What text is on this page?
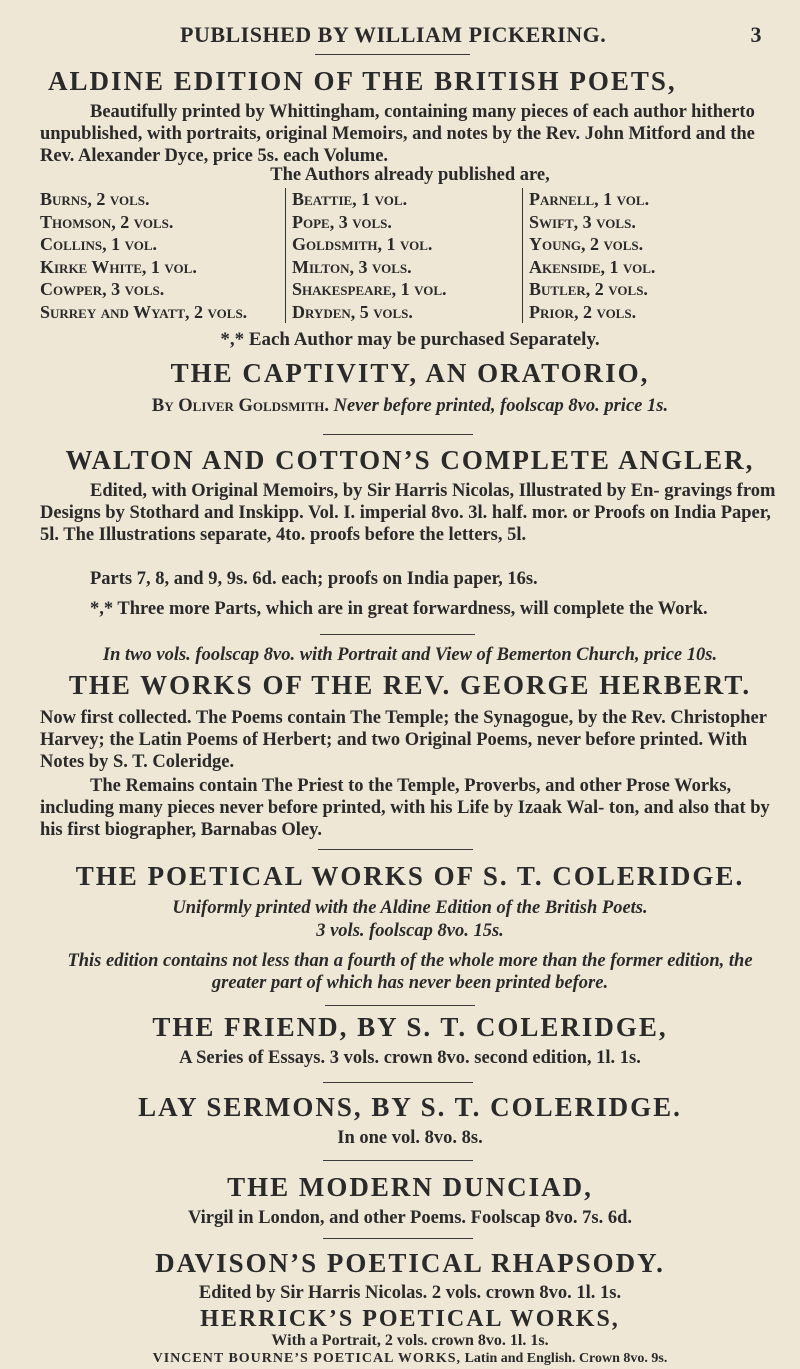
PUBLISHED BY WILLIAM PICKERING.	3
ALDINE EDITION OF THE BRITISH POETS,

Beautifully printed by Whittingham, containing many pieces of each author hitherto unpublished, with portraits, original Memoirs, and notes by the Rev. John Mitford and the Rev. Alexander Dyce, price 5s. each Volume.

The Authors already published are,

Burns, 2 vols.
Thomson, 2 vols.
Collins, 1 vol.
Kirke White, 1 vol.
Cowper, 3 vols.
Surrey and Wyatt, 2 vols.
Beattie, 1 vol.
Pope, 3 vols.
Goldsmith, 1 vol.
Milton, 3 vols.
Shakespeare, 1 vol.
Dryden, 5 vols.
Parnell, 1 vol.
Swift, 3 vols.
Young, 2 vols.
Akenside, 1 vol.
Butler, 2 vols.
Prior, 2 vols.

*,* Each Author may be purchased Separately.

THE CAPTIVITY, AN ORATORIO,

By Oliver Goldsmith. Never before printed, foolscap 8vo. price 1s.

WALTON AND COTTON’S COMPLETE ANGLER,

Edited, with Original Memoirs, by Sir Harris Nicolas, Illustrated by En- gravings from Designs by Stothard and Inskipp. Vol. I. imperial 8vo. 3l. half. mor. or Proofs on India Paper, 5l. The Illustrations separate, 4to. proofs before the letters, 5l.

Parts 7, 8, and 9, 9s. 6d. each; proofs on India paper, 16s.

*,* Three more Parts, which are in great forwardness, will complete the Work.

In two vols. foolscap 8vo. with Portrait and View of Bemerton Church, price 10s.

THE WORKS OF THE REV. GEORGE HERBERT.

Now first collected. The Poems contain The Temple; the Synagogue, by the Rev. Christopher Harvey; the Latin Poems of Herbert; and two Original Poems, never before printed. With Notes by S. T. Coleridge.

The Remains contain The Priest to the Temple, Proverbs, and other Prose Works, including many pieces never before printed, with his Life by Izaak Wal- ton, and also that by his first biographer, Barnabas Oley.

THE POETICAL WORKS OF S. T. COLERIDGE.

Uniformly printed with the Aldine Edition of the British Poets.

3 vols. foolscap 8vo. 15s.

This edition contains not less than a fourth of the whole more than the former edition, the greater part of which has never been printed before.

THE FRIEND, BY S. T. COLERIDGE,

A Series of Essays. 3 vols. crown 8vo. second edition, 1l. 1s.

LAY SERMONS, BY S. T. COLERIDGE.

In one vol. 8vo. 8s.

THE MODERN DUNCIAD,

Virgil in London, and other Poems. Foolscap 8vo. 7s. 6d.

DAVISON’S POETICAL RHAPSODY.

Edited by Sir Harris Nicolas. 2 vols. crown 8vo. 1l. 1s.

HERRICK’S POETICAL WORKS,

With a Portrait, 2 vols. crown 8vo. 1l. 1s.

VINCENT BOURNE’S POETICAL WORKS, Latin and English. Crown 8vo. 9s.
